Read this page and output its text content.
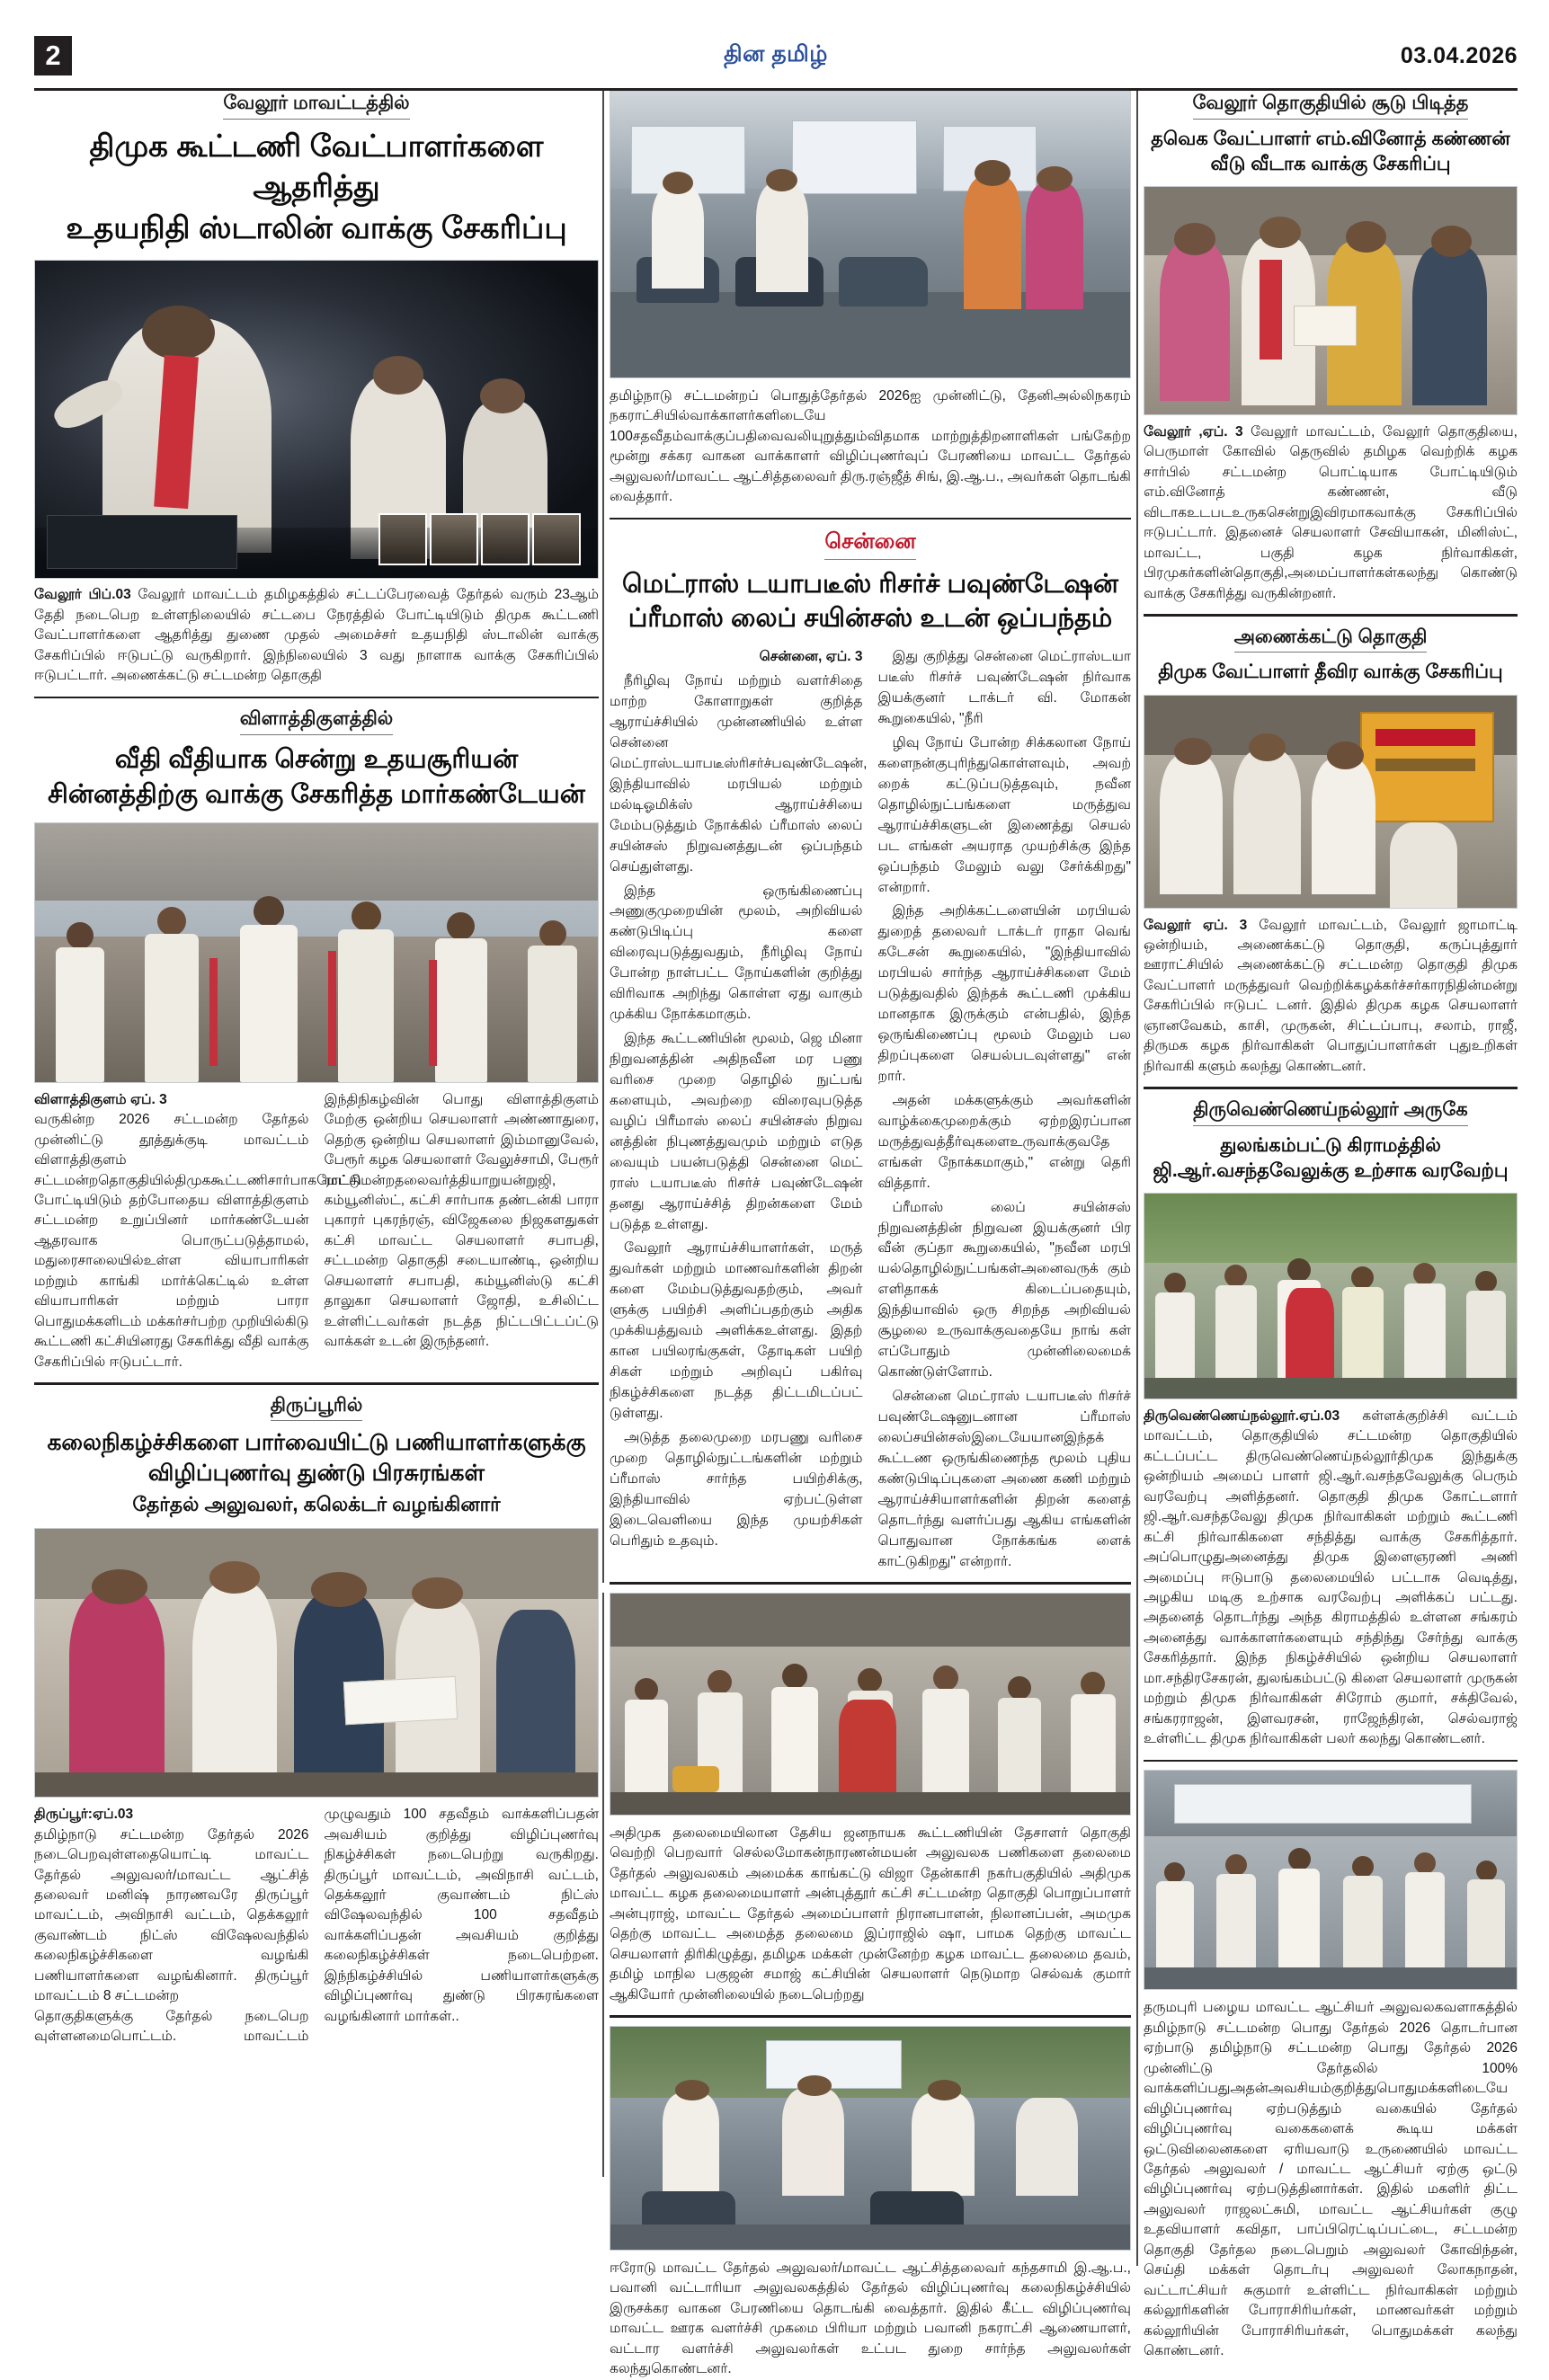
2	தின தமிழ்	03.04.2026
வேலூர் மாவட்டத்தில்
திமுக கூட்டணி வேட்பாளர்களை ஆதரித்து
உதயநிதி ஸ்டாலின் வாக்கு சேகரிப்பு
வேலூர் பிப்.03 வேலூர் மாவட்டம் தமிழகத்தில் சட்டப்பேரவைத் தேர்தல் வரும் 23ஆம் தேதி நடைபெற உள்ளநிலையில் சட்டபை நேரத்தில் போட்டியிடும் திமுக கூட்டணி வேட்பாளர்களை ஆதரித்து துணை முதல் அமைச்சர் உதயநிதி ஸ்டாலின் வாக்கு சேகரிப்பில் ஈடுபட்டு வருகிறார். இந்நிலையில் 3 வது நாளாக வாக்கு சேகரிப்பில் ஈடுபட்டார். அணைக்கட்டு சட்டமன்ற தொகுதி
விளாத்திகுளத்தில்
வீதி வீதியாக சென்று உதயசூரியன்
சின்னத்திற்கு வாக்கு சேகரித்த மார்கண்டேயன்

விளாத்திகுளம் ஏப். 3

வருகின்ற 2026 சட்டமன்ற தேர்தல் முன்னிட்டு தூத்துக்குடி மாவட்டம் விளாத்திகுளம் சட்டமன்றதொகுதியில்திமுககூட்டணிசார்பாகமேட்டு போட்டியிடும் தற்போதைய விளாத்திகுளம் சட்டமன்ற உறுப்பினர் மார்கண்டேயன் ஆதரவாக பொருட்படுத்தாமல், மதுரைசாலையில்உள்ள வியாபாரிகள் மற்றும் காங்கி மார்க்கெட்டில் உள்ள வியாபாரிகள் மற்றும் பாரா பொதுமக்களிடம் மக்கர்சர்பற்ற முறியில்கிடு கூட்டணி கட்சியினரது சேகரிக்து வீதி வாக்கு சேகரிப்பில் ஈடுபட்டார்.

இந்திநிகழ்வின் பொது விளாத்திகுளம் மேற்கு ஒன்றிய செயலாளர் அண்ணாதுரை, தெற்கு ஒன்றிய செயலாளர் இம்மானுவேல், பேரூர் கழக செயலாளர் வேலுச்சாமி, பேரூர் ராட்சிமன்றதலைவர்த்தியாறுயன்றுஜி, கம்யூனிஸ்ட், கட்சி சார்பாக தண்டன்கி பாரா புகாரர் புகரந்ரஞ், விஜேகலை நிஜகளதுகள் கட்சி மாவட்ட செயலாளர் சபாபதி, சட்டமன்ற தொகுதி சடையாண்டி, ஒன்றிய செயலாளர் சபாபதி, கம்யூனிஸ்டு கட்சி தாலுகா செயலாளர் ஜோதி, உசிலிட்ட உள்ளிட்டவர்கள் நடத்த நிட்டபிட்டப்ட்டு வாக்கள் உடன் இருந்தனர்.

திருப்பூரில்
கலைநிகழ்ச்சிகளை பார்வையிட்டு பணியாளர்களுக்கு
விழிப்புணர்வு துண்டு பிரசுரங்கள்
தேர்தல் அலுவலர், கலெக்டர் வழங்கினார்

திருப்பூர்:ஏப்.03

தமிழ்நாடு சட்டமன்ற தேர்தல் 2026 நடைபெறவுள்ளதையொட்டி மாவட்ட தேர்தல் அலுவலர்/மாவட்ட ஆட்சித் தலைவர் மனிஷ் நாரணவரே திருப்பூர் மாவட்டம், அவிநாசி வட்டம், தெக்கலூர் குவாண்டம் நிட்ஸ் விஷேலவந்தில் கலைநிகழ்ச்சிகளை வழங்கி பணியாளர்களை வழங்கினார். திருப்பூர் மாவட்டம் 8 சட்டமன்ற

தொகுதிகளுக்கு தேர்தல் நடைபெற வுள்ளனமைபொட்டம். மாவட்டம் முழுவதும் 100 சதவீதம் வாக்களிப்பதன் அவசியம் குறித்து விழிப்புணர்வு நிகழ்ச்சிகள் நடைபெற்று வருகிறது. திருப்பூர் மாவட்டம், அவிநாசி வட்டம், தெக்கலூர் குவாண்டம் நிட்ஸ் விஷேலவந்தில் 100 சதவீதம் வாக்களிப்பதன் அவசியம் குறித்து கலைநிகழ்ச்சிகள் நடைபெற்றன. இந்நிகழ்ச்சியில் பணியாளர்களுக்கு விழிப்புணர்வு துண்டு பிரசுரங்களை வழங்கினார் மார்கள்..

தமிழ்நாடு சட்டமன்றப் பொதுத்தேர்தல் 2026ஐ முன்னிட்டு, தேனிஅல்லிநகரம் நகராட்சியில்வாக்காளர்களிடையே 100சதவீதம்வாக்குப்பதிவைவலியுறுத்தும்விதமாக மாற்றுத்திறனாளிகள் பங்கேற்ற மூன்று சக்கர வாகன வாக்காளர் விழிப்புணர்வுப் பேரணியை மாவட்ட தேர்தல் அலுவலர்/மாவட்ட ஆட்சித்தலைவர் திரு.ரஞ்ஜீத் சிங், இ.ஆ.ப., அவர்கள் தொடங்கி வைத்தார்.
சென்னை
மெட்ராஸ் டயாபடீஸ் ரிசர்ச் பவுண்டேஷன்
ப்ரீமாஸ் லைப் சயின்சஸ் உடன் ஒப்பந்தம்

சென்னை, ஏப். 3

நீரிழிவு நோய் மற்றும் வளர்சிதை மாற்ற கோளாறுகள் குறித்த ஆராய்ச்சியில் முன்னணியில் உள்ள சென்னை மெட்ராஸ்டயாபடீஸ்ரிசர்ச்பவுண்டேஷன், இந்தியாவில் மரபியல் மற்றும் மல்டிஓமிக்ஸ் ஆராய்ச்சியை மேம்படுத்தும் நோக்கில் ப்ரீமாஸ் லைப் சயின்சஸ் நிறுவனத்துடன் ஒப்பந்தம் செய்துள்ளது.

இந்த ஒருங்கிணைப்பு அணுகுமுறையின் மூலம், அறிவியல் கண்டுபிடிப்பு களை விரைவுபடுத்துவதும், நீரிழிவு நோய் போன்ற நாள்பட்ட நோய்களின் குறித்து விரிவாக அறிந்து கொள்ள ஏது வாகும் முக்கிய நோக்கமாகும்.

இந்த கூட்டணியின் மூலம், ஜெ மினா நிறுவனத்தின் அதிநவீன மர பணு வரிசை முறை தொழில் நுட்பங் களையும், அவற்றை விரைவுபடுத்த வழிப் பிரீமாஸ் லைப் சயின்சஸ் நிறுவ னத்தின் நிபுணத்துவமும் மற்றும் எடுத வையும் பயன்படுத்தி சென்னை மெட் ராஸ் டயாபடீஸ் ரிசர்ச் பவுண்டேஷன் தனது ஆராய்ச்சித் திறன்களை மேம் படுத்த உள்ளது.

வேலூர் ஆராய்ச்சியாளர்கள், மருத் துவர்கள் மற்றும் மாணவர்களின் திறன் களை மேம்படுத்துவதற்கும், அவர் ளுக்கு பயிற்சி அளிப்பதற்கும் அதிக முக்கியத்துவம் அளிக்கஉள்ளது. இதற் கான பயிலரங்குகள், தோடிகள் பயிற் சிகள் மற்றும் அறிவுப் பகிர்வு நிகழ்ச்சிகளை நடத்த திட்டமிடப்பட் டுள்ளது.

அடுத்த தலைமுறை மரபணு வரிசை முறை தொழில்நுட்டங்களின் மற்றும் ப்ரீமாஸ் சார்ந்த பயிற்சிக்கு, இந்தியாவில் ஏற்பட்டுள்ள இடைவெளியை இந்த முயற்சிகள் பெரிதும் உதவும்.

இது குறித்து சென்னை மெட்ராஸ்டயா படீஸ் ரிசர்ச் பவுண்டேஷன் நிர்வாக இயக்குனர் டாக்டர் வி. மோகன் கூறுகையில், "நீரி

ழிவு நோய் போன்ற சிக்கலான நோய் களைநன்குபுரிந்துகொள்ளவும், அவற் றைக் கட்டுப்படுத்தவும், நவீன தொழில்நுட்பங்களை மருத்துவ ஆராய்ச்சிகளுடன் இணைத்து செயல் பட எங்கள் அயராத முயற்சிக்கு இந்த ஒப்பந்தம் மேலும் வலு சேர்க்கிறது" என்றார்.

இந்த அறிக்கட்டளையின் மரபியல் துறைத் தலைவர் டாக்டர் ராதா வெங் கடேசன் கூறுகையில், "இந்தியாவில் மரபியல் சார்ந்த ஆராய்ச்சிகளை மேம் படுத்துவதில் இந்தக் கூட்டணி முக்கிய மானதாக இருக்கும் என்பதில், இந்த ஒருங்கிணைப்பு மூலம் மேலும் பல திறப்புகளை செயல்படவுள்ளது" என் றார்.

அதன் மக்களுக்கும் அவர்களின் வாழ்க்கைமுறைக்கும் ஏற்றஇரப்பான மருத்துவத்தீர்வுகளைஉருவாக்குவதே எங்கள் நோக்கமாகும்," என்று தெரி வித்தார்.

ப்ரீமாஸ் லைப் சயின்சஸ் நிறுவனத்தின் நிறுவன இயக்குனர் பிர வீன் குப்தா கூறுகையில், "நவீன மரபி யல்தொழில்நுட்பங்கள்அனைவருக் கும் எளிதாகக் கிடைப்பதையும், இந்தியாவில் ஒரு சிறந்த அறிவியல் சூழலை உருவாக்குவதையே நாங் கள் எப்போதும் முன்னிலைமைக் கொண்டுள்ளோம்.

சென்னை மெட்ராஸ் டயாபடீஸ் ரிசர்ச் பவுண்டேஷனுடனான ப்ரீமாஸ் லைப்சயின்சஸ்இடையேயானஇந்தக் கூட்டண ஒருங்கிணைந்த மூலம் புதிய கண்டுபிடிப்புகளை அணை கணி மற்றும் ஆராய்ச்சியாளர்களின் திறன் களைத் தொடர்ந்து வளர்ப்பது ஆகிய எங்களின் பொதுவான நோக்கங்க ளைக் காட்டுகிறது" என்றார்.

அதிமுக தலைமையிலான தேசிய ஜனநாயக கூட்டணியின் தேசாளர் தொகுதி வெற்றி பெறவாா் செல்லமோகன்நாரணன்மயன் அலுவலக பணிகளை தலைமை தேர்தல் அலுவலகம் அமைக்க காங்கட்டு விஜா தேன்காசி நகர்பகுதியில் அதிமுக மாவட்ட கழக தலைமையாளர் அன்புத்தூர் கட்சி சட்டமன்ற தொகுதி பொறுப்பாளர் அன்புராஜ், மாவட்ட தேர்தல் அமைப்பாளர் நிரானபாளன், நிலானப்பன், அமமுக தெற்கு மாவட்ட அமைத்த தலைமை இப்ராஜில் ஷா, பாமக தெற்கு மாவட்ட செயலாளர் திரிகிழுத்து, தமிழக மக்கள் முன்னேற்ற கழக மாவட்ட தலைமை தவம், தமிழ் மாநில பகுஜன் சமாஜ் கட்சியின் செயலாளர் நெடுமாற செல்வக் குமார் ஆகியோர் முன்னிலையில் நடைபெற்றது
ஈரோடு மாவட்ட தேர்தல் அலுவலர்/மாவட்ட ஆட்சித்தலைவர் கந்தசாமி இ.ஆ.ப., பவானி வட்டாரியா அலுவலகத்தில் தேர்தல் விழிப்புணர்வு கலைநிகழ்ச்சியில் இருசக்கர வாகன பேரணியை தொடங்கி வைத்தார். இதில் கீட்ட விழிப்புணர்வு மாவட்ட ஊரக வளர்ச்சி முகமை பிரியா மற்றும் பவானி நகராட்சி ஆணையாளர், வட்டார வளர்ச்சி அலுவலர்கள் உட்பட துறை சார்ந்த அலுவலர்கள் கலந்துகொண்டனர்.
வேலூர் தொகுதியில் சூடு பிடித்த
தவெக வேட்பாளர் எம்.வினோத் கண்ணன்
வீடு வீடாக வாக்கு சேகரிப்பு
வேலூர் ,ஏப். 3 வேலூர் மாவட்டம், வேலூர் தொகுதியை, பெருமாள் கோவில் தெருவில் தமிழக வெற்றிக் கழக சார்பில் சட்டமன்ற பொட்டியாக போட்டியிடும் எம்.வினோத் கண்ணன், வீடு விடாகஉடபடஉருகசென்றுஇவிரமாகவாக்கு சேகரிப்பில் ஈடுபட்டார். இதனைச் செயலாளர் சேவியாகன், மினிஸ்ட், மாவட்ட, பகுதி கழக நிர்வாகிகள், பிரமுகர்களின்தொகுதி,அமைப்பாளர்கள்கலந்து கொண்டு வாக்கு சேகரித்து வருகின்றனர்.
அணைக்கட்டு தொகுதி
திமுக வேட்பாளர் தீவிர வாக்கு சேகரிப்பு
வேலூர் ஏப். 3 வேலூர் மாவட்டம், வேலூர் ஜாமாட்டி ஒன்றியம், அணைக்கட்டு தொகுதி, கருப்புத்துார் ஊராட்சியில் அணைக்கட்டு சட்டமன்ற தொகுதி திமுக வேட்பாளர் மருத்துவர் வெற்றிக்கழக்கர்ச்சர்காரநிதின்மன்று சேகரிப்பில் ஈடுபட் டனர். இதில் திமுக கழக செயலாளர் ஞானவேகம், காசி, முருகன், சிட்டப்பாபு, சலாம், ராஜீ, திருமக கழக நிர்வாகிகள் பொதுப்பாளர்கள் புதுஉறிகள் நிர்வாகி களும் கலந்து கொண்டனர்.
திருவெண்ணெய்நல்லூர் அருகே
துலங்கம்பட்டு கிராமத்தில்
ஜி.ஆர்.வசந்தவேலுக்கு உற்சாக வரவேற்பு
திருவெண்ணெய்நல்லூர்.ஏப்.03 கள்ளக்குறிச்சி வட்டம் மாவட்டம், தொகுதியில் சட்டமன்ற தொகுதியில் கட்டப்பட்ட திருவெண்ணெய்நல்லூர்திமுக இந்துக்கு ஒன்றியம் அமைப் பாளர் ஜி.ஆர்.வசந்தவேலுக்கு பெரும் வரவேற்பு அளித்தனர். தொகுதி திமுக கோட்டளார் ஜி.ஆர்.வசந்தவேலு திமுக நிர்வாகிகள் மற்றும் கூட்டணி கட்சி நிர்வாகிகளை சந்தித்து வாக்கு சேகரித்தார். அப்பொழுதுஅனைத்து திமுக இளைஞரணி அணி அமைப்பு ஈடுபாடு தலைமையில் பட்டாசு வெடித்து, அழகிய மடிகு உற்சாக வரவேற்பு அளிக்கப் பட்டது. அதனைத் தொடர்ந்து அந்த கிராமத்தில் உள்ளன சங்கரம் அனைத்து வாக்காளர்களையும் சந்திந்து சேர்ந்து வாக்கு சேகரித்தார். இந்த நிகழ்ச்சியில் ஒன்றிய செயலாளர் மா.சந்திரசேகரன், துலங்கம்பட்டு கிளை செயலாளர் முருகன் மற்றும் திமுக நிர்வாகிகள் சிரோம் குமார், சக்திவேல், சங்கரராஜன், இளவரசன், ராஜேந்திரன், செல்வராஜ் உள்ளிட்ட திமுக நிர்வாகிகள் பலர் கலந்து கொண்டனர்.
தருமபுரி பழைய மாவட்ட ஆட்சியர் அலுவலகவளாகத்தில் தமிழ்நாடு சட்டமன்ற பொது தேர்தல் 2026 தொடர்பான ஏற்பாடு தமிழ்நாடு சட்டமன்ற பொது தேர்தல் 2026 முன்னிட்டு தேர்தலில் 100% வாக்களிப்பதுஅதன்அவசியம்குறித்துபொதுமக்களிடையே விழிப்புணர்வு ஏற்படுத்தும் வகையில் தேர்தல் விழிப்புணர்வு வகைகளைக் கூடிய மக்கள் ஒட்டுவிலைனகளை ஏரியவாடு உருணையில் மாவட்ட தேர்தல் அலுவலர் / மாவட்ட ஆட்சியர் ஏற்கு ஒட்டு விழிப்புணர்வு ஏற்படுத்தினார்கள். இதில் மகளிர் திட்ட அலுவலர் ராஜலட்சுமி, மாவட்ட ஆட்சியர்கள் குழு உதவியாளர் கவிதா, பாப்பிரெட்டிப்பட்டை, சட்டமன்ற தொகுதி தேர்தல நடைபெறும் அலுவலர் கோவிந்தன், செய்தி மக்கள் தொடர்பு அலுவலர் லோகநாதன், வட்டாட்சியர் சுகுமார் உள்ளிட்ட நிர்வாகிகள் மற்றும் கல்லூரிகளின் போராசிரியர்கள், மாணவர்கள் மற்றும் கல்லூரியின் போராசிரியர்கள், பொதுமக்கள் கலந்து கொண்டனர்.
